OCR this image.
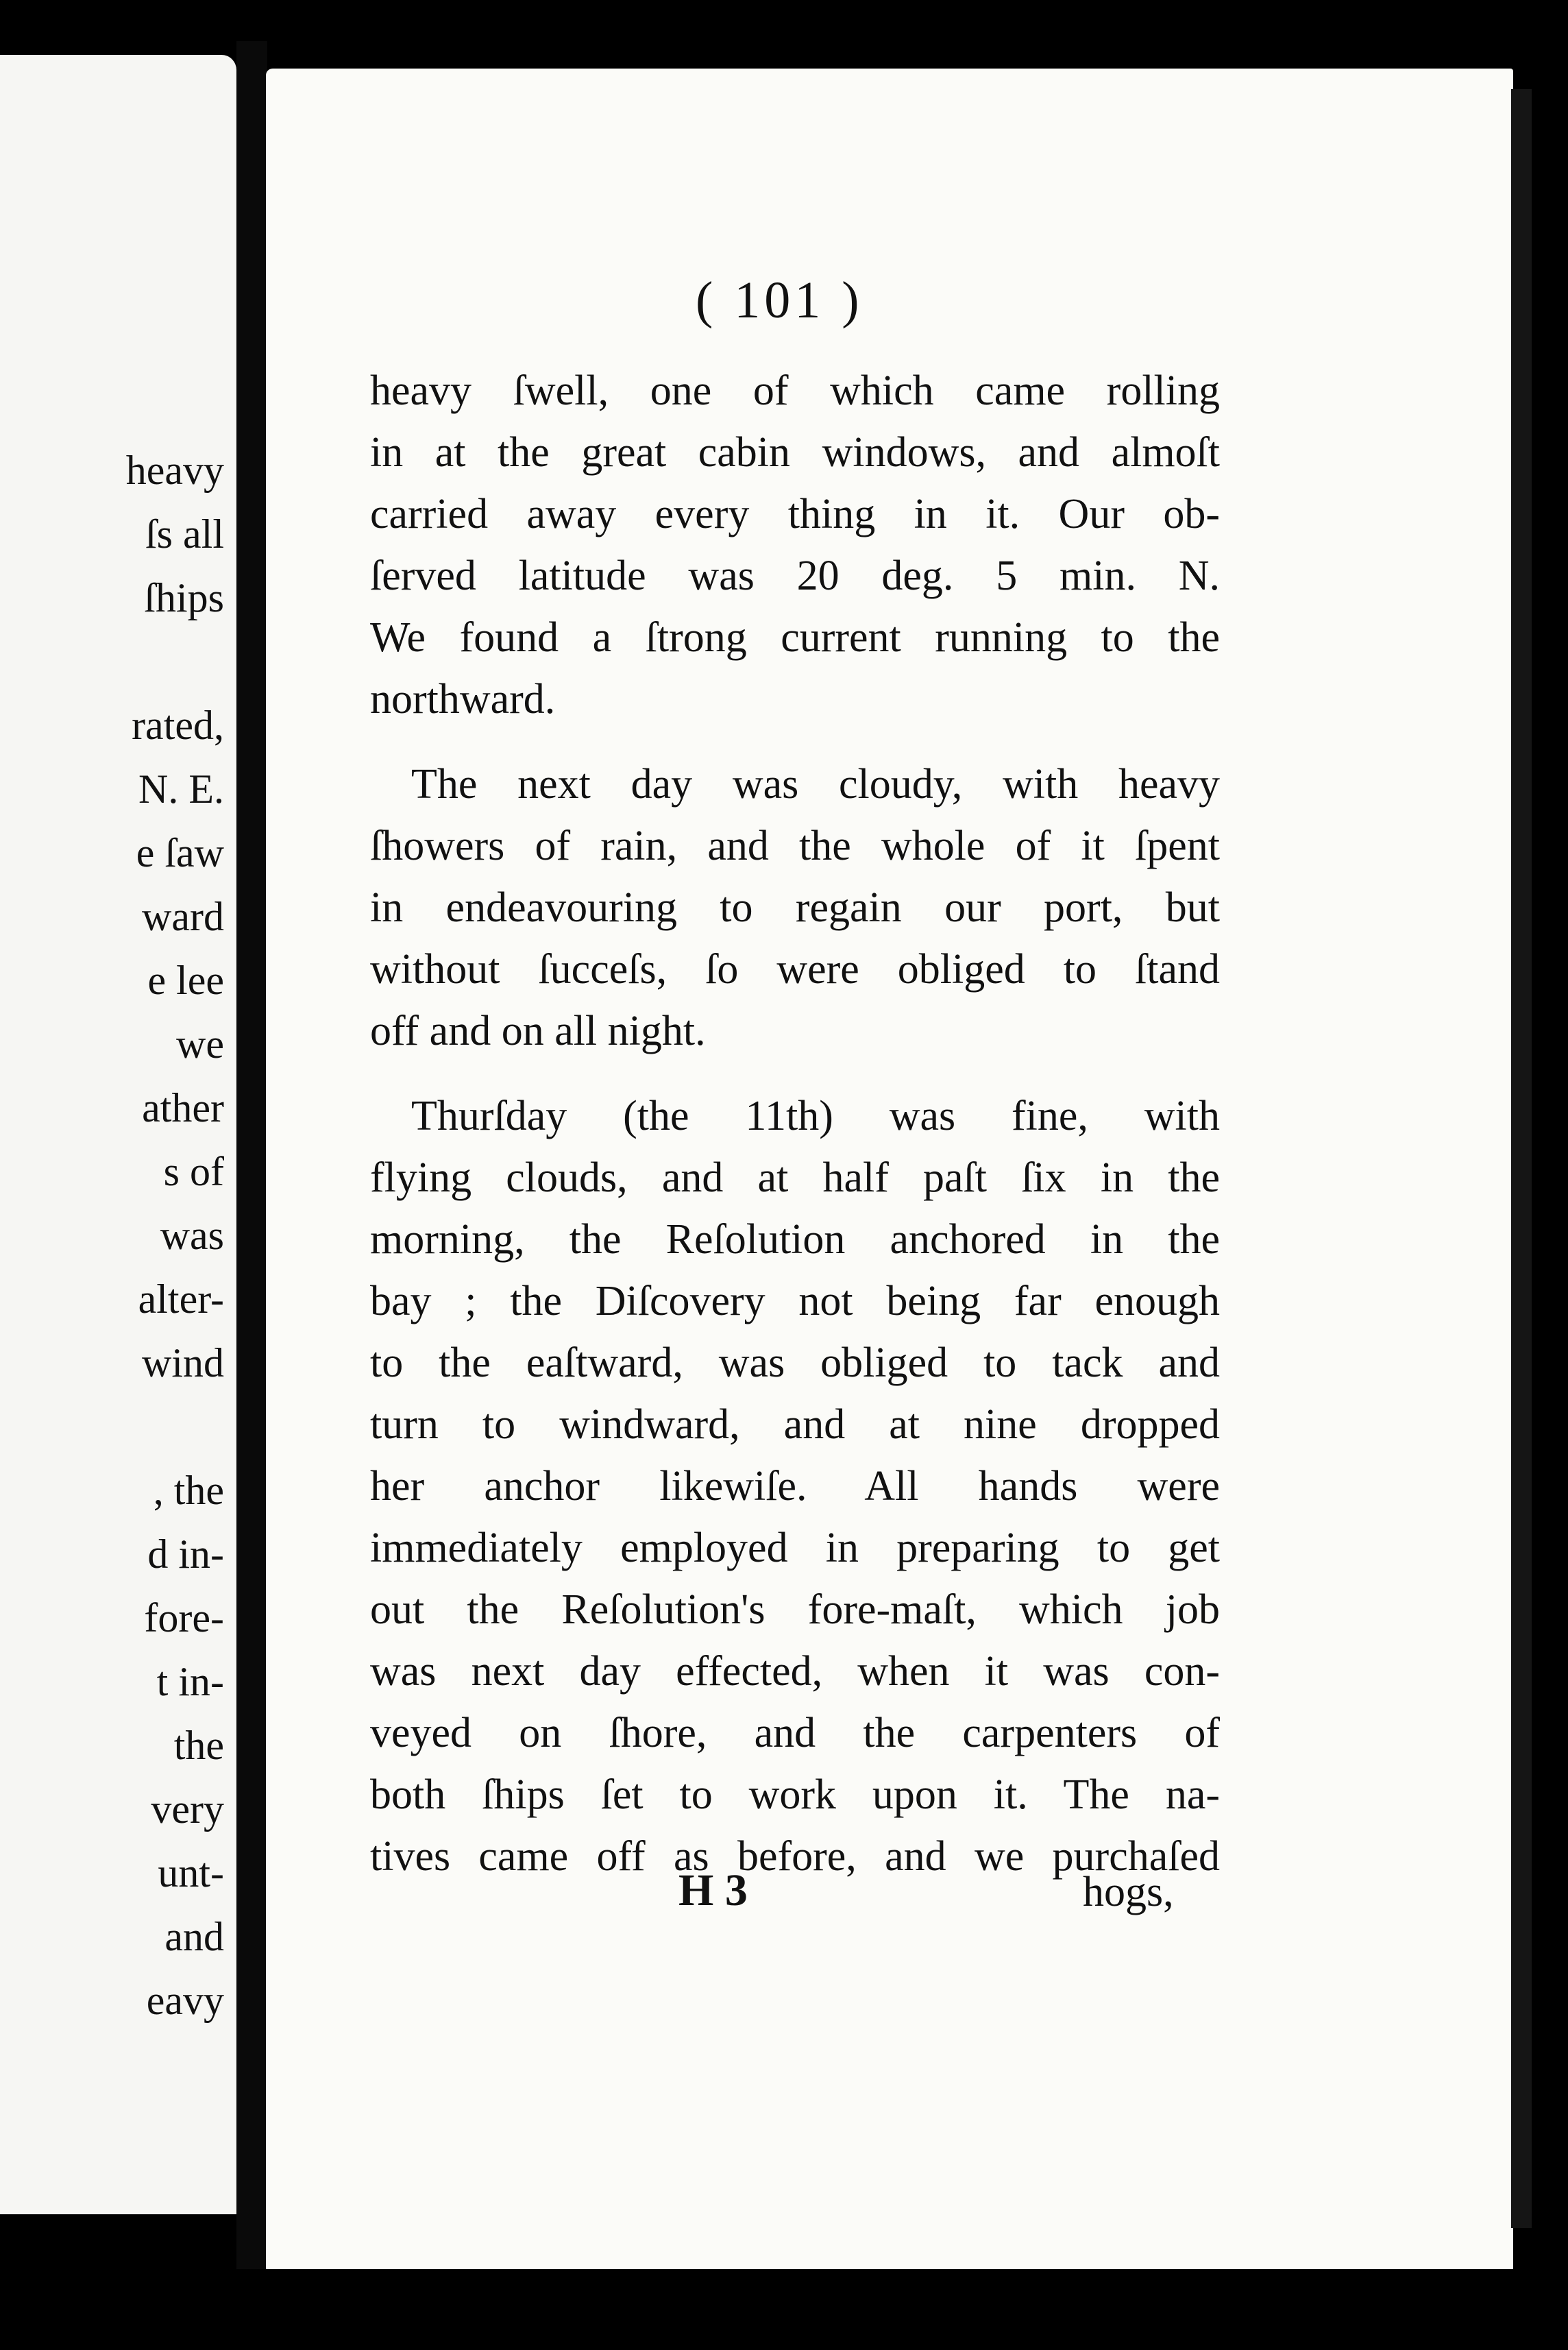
heavy
ſs all
ſhips
rated,
N. E.
e ſaw
ward
e lee
we
ather
s of
was
alter-
wind
, the
d in-
fore-
t in-
the
very
unt-
and
eavy
( 101 )
heavy ſwell, one of which came rolling
in at the great cabin windows, and almoſt
carried away every thing in it. Our ob-
ſerved latitude was 20 deg. 5 min. N.
We found a ſtrong current running to the
northward.
The next day was cloudy, with heavy
ſhowers of rain, and the whole of it ſpent
in endeavouring to regain our port, but
without ſucceſs, ſo were obliged to ſtand
off and on all night.
Thurſday (the 11th) was fine, with
flying clouds, and at half paſt ſix in the
morning, the Reſolution anchored in the
bay ; the Diſcovery not being far enough
to the eaſtward, was obliged to tack and
turn to windward, and at nine dropped
her anchor likewiſe. All hands were
immediately employed in preparing to get
out the Reſolution's fore-maſt, which job
was next day effected, when it was con-
veyed on ſhore, and the carpenters of
both ſhips ſet to work upon it. The na-
tives came off as before, and we purchaſed
H 3	hogs,
